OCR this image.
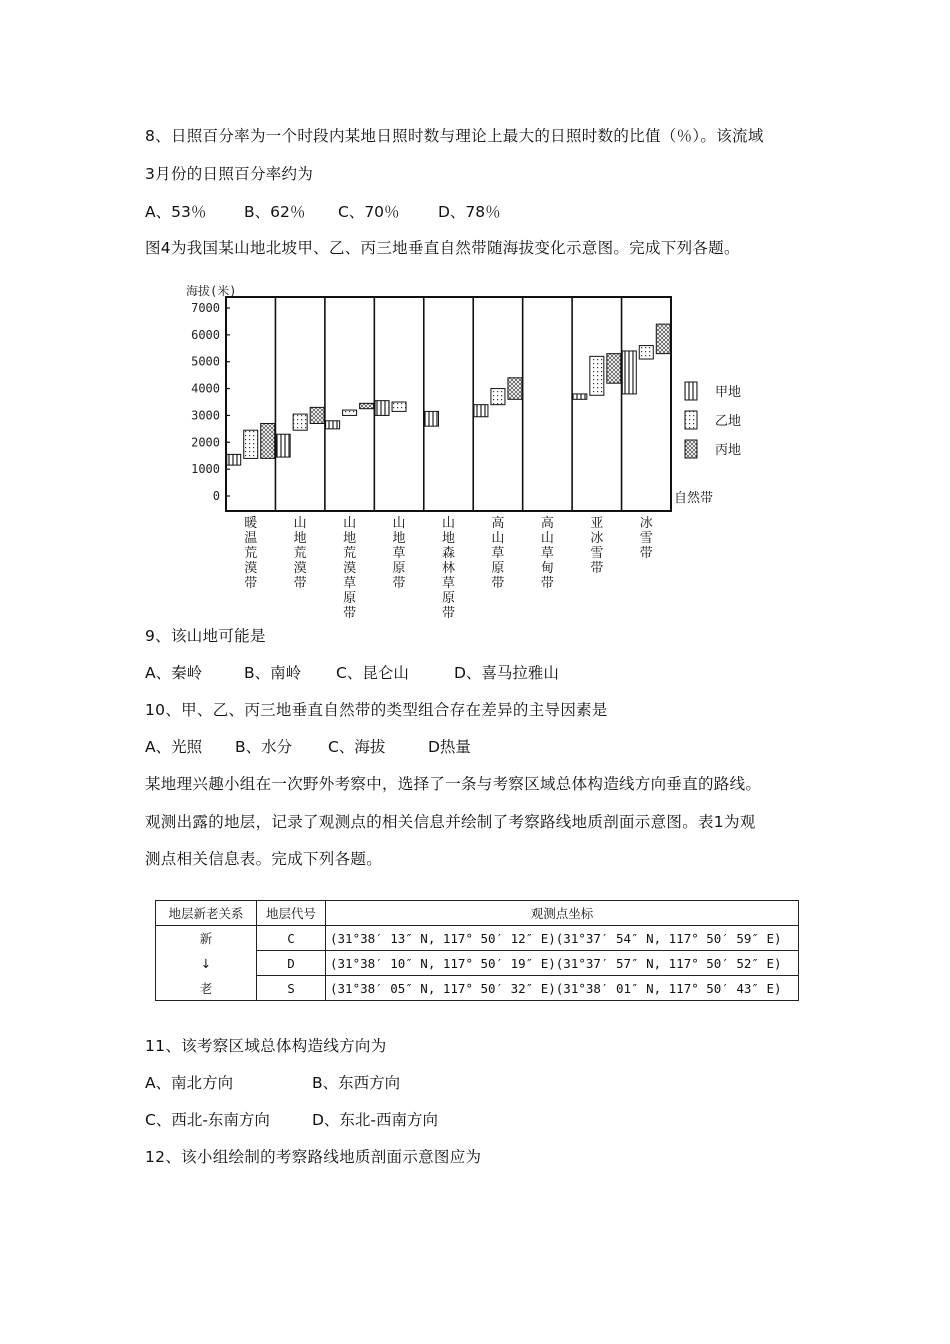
8、日照百分率为一个时段内某地日照时数与理论上最大的日照时数的比值（％）。该流域
3月份的日照百分率约为
A、53％ B、62％ C、70％ D、78％
图4为我国某山地北坡甲、乙、丙三地垂直自然带随海拔变化示意图。完成下列各题。
7000
6000
5000
4000
3000
2000
1000
0
暖温荒漠带
山地荒漠带
山地荒漠草原带
山地草原带
山地森林草原带
高山草原带
高山草甸带
亚冰雪带
冰雪带
海拔(米)
自然带
甲地
乙地
丙地
9、该山地可能是
A、秦岭	B、南岭 C、昆仑山	D、喜马拉雅山
10、甲、乙、丙三地垂直自然带的类型组合存在差异的主导因素是
A、光照 B、水分 C、海拔	D热量
某地理兴趣小组在一次野外考察中，选择了一条与考察区域总体构造线方向垂直的路线。
观测出露的地层，记录了观测点的相关信息并绘制了考察路线地质剖面示意图。表1为观
测点相关信息表。完成下列各题。
地层新老关系	地层代号	观测点坐标
新	C	(31°38′ 13″ N, 117° 50′ 12″ E)(31°37′ 54″ N, 117° 50′ 59″ E)
↓	D	(31°38′ 10″ N, 117° 50′ 19″ E)(31°37′ 57″ N, 117° 50′ 52″ E)
老	S	(31°38′ 05″ N, 117° 50′ 32″ E)(31°38′ 01″ N, 117° 50′ 43″ E)
11、该考察区域总体构造线方向为
A、南北方向	B、东西方向
C、西北-东南方向	D、东北-西南方向
12、该小组绘制的考察路线地质剖面示意图应为
